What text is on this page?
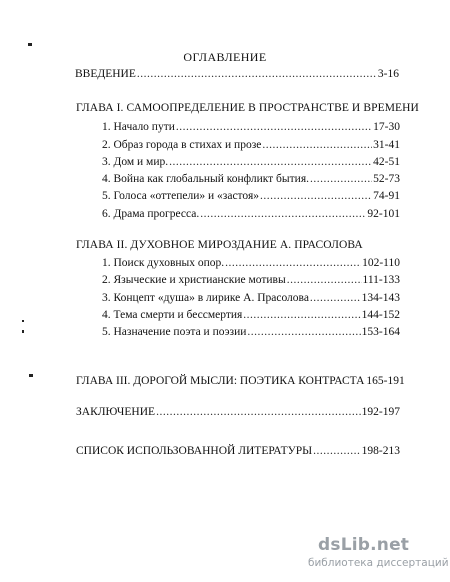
ОГЛАВЛЕНИЕ
ВВЕДЕНИЕ .....	3-16
ГЛАВА I. САМООПРЕДЕЛЕНИЕ В ПРОСТРАНСТВЕ И ВРЕМЕНИ
1.
Начало пути .....	17-30
2.
Образ города в стихах и прозе .....	31-41
3.
Дом и мир. .....	42-51
4.
Война как глобальный конфликт бытия. .....	52-73
5.
Голоса «оттепели» и «застоя» .....	74-91
6.
Драма прогресса. .....	92-101
ГЛАВА II. ДУХОВНОЕ МИРОЗДАНИЕ А. ПРАСОЛОВА
1.
Поиск духовных опор. .....	102-110
2.
Языческие и христианские мотивы .....	111-133
3.
Концепт «душа» в лирике А. Прасолова .....	134-143
4.
Тема смерти и бессмертия .....	144-152
5.
Назначение поэта и поэзии .....	153-164
ГЛАВА III. ДОРОГОЙ МЫСЛИ: ПОЭТИКА КОНТРАСТА 165-191
ЗАКЛЮЧЕНИЕ .....	192-197
СПИСОК ИСПОЛЬЗОВАННОЙ ЛИТЕРАТУРЫ .....	198-213
dsLib.net
библиотека диссертаций
